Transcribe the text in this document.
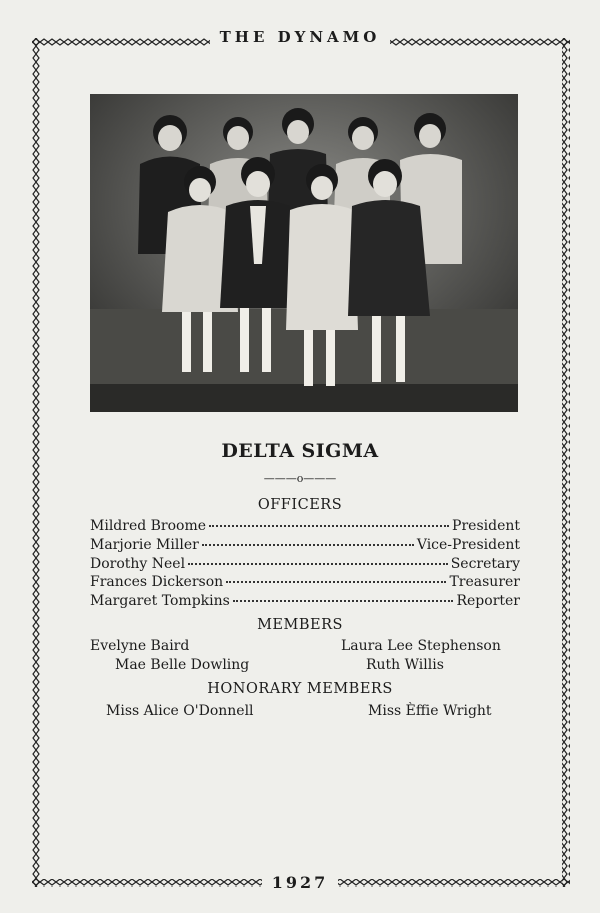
THE DYNAMO
DELTA SIGMA
———o———
OFFICERS
Mildred Broome	President
Marjorie Miller	Vice-President
Dorothy Neel	Secretary
Frances Dickerson	Treasurer
Margaret Tompkins	Reporter
MEMBERS
Evelyne Baird	Laura Lee Stephenson
Mae Belle Dowling	Ruth Willis
HONORARY MEMBERS
Miss Alice O'Donnell	Miss Èffie Wright
1927
